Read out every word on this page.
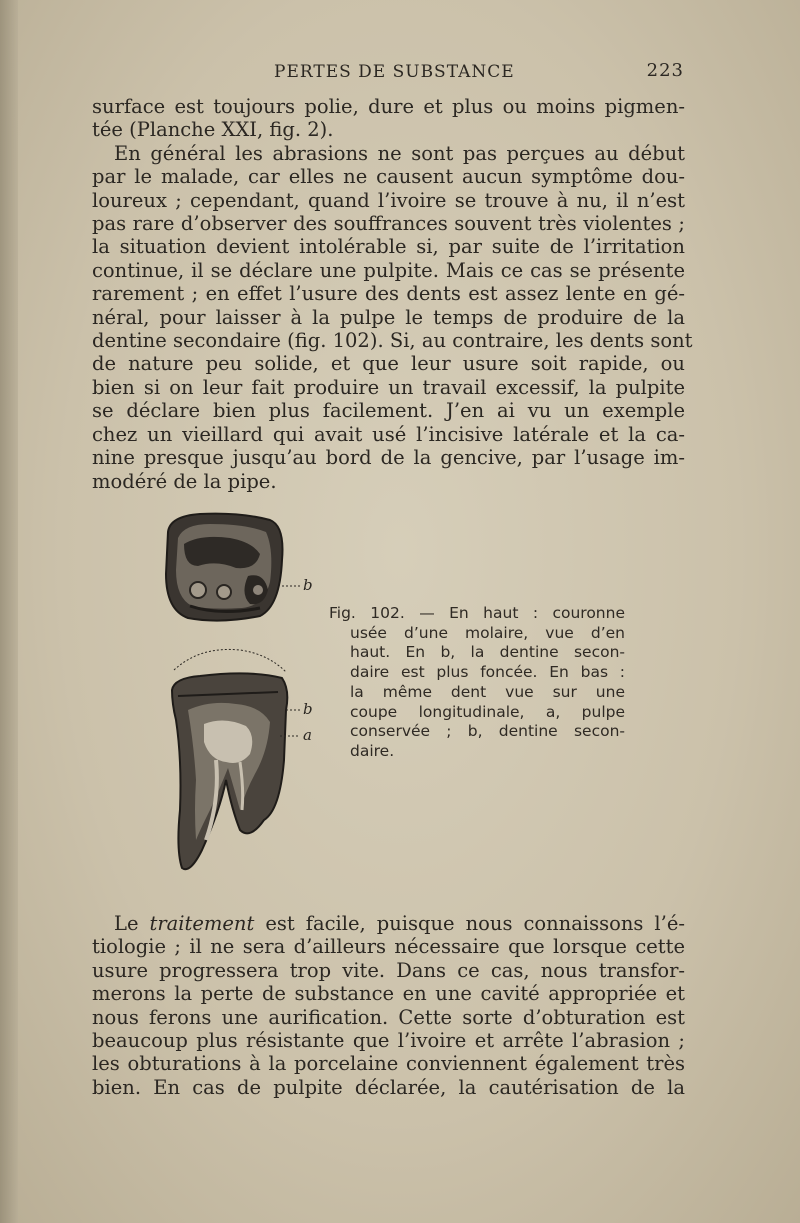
PERTES DE SUBSTANCE	223
surface est toujours polie, dure et plus ou moins pigmen-
tée (Planche XXI, fig. 2).
En général les abrasions ne sont pas perçues au début
par le malade, car elles ne causent aucun symptôme dou-
loureux ; cependant, quand l’ivoire se trouve à nu, il n’est
pas rare d’observer des souffrances souvent très violentes ;
la situation devient intolérable si, par suite de l’irritation
continue, il se déclare une pulpite. Mais ce cas se présente
rarement ; en effet l’usure des dents est assez lente en gé-
néral, pour laisser à la pulpe le temps de produire de la
dentine secondaire (fig. 102). Si, au contraire, les dents sont
de nature peu solide, et que leur usure soit rapide, ou
bien si on leur fait produire un travail excessif, la pulpite
se déclare bien plus facilement. J’en ai vu un exemple
chez un vieillard qui avait usé l’incisive latérale et la ca-
nine presque jusqu’au bord de la gencive, par l’usage im-
modéré de la pipe.
b
b
a
Fig. 102. — En haut : couronne
usée d’une molaire, vue d’en
haut. En b, la dentine secon-
daire est plus foncée. En bas :
la même dent vue sur une
coupe longitudinale, a, pulpe
conservée ; b, dentine secon-
daire.
Le traitement est facile, puisque nous connaissons l’é-
tiologie ; il ne sera d’ailleurs nécessaire que lorsque cette
usure progressera trop vite. Dans ce cas, nous transfor-
merons la perte de substance en une cavité appropriée et
nous ferons une aurification. Cette sorte d’obturation est
beaucoup plus résistante que l’ivoire et arrête l’abrasion ;
les obturations à la porcelaine conviennent également très
bien. En cas de pulpite déclarée, la cautérisation de la
